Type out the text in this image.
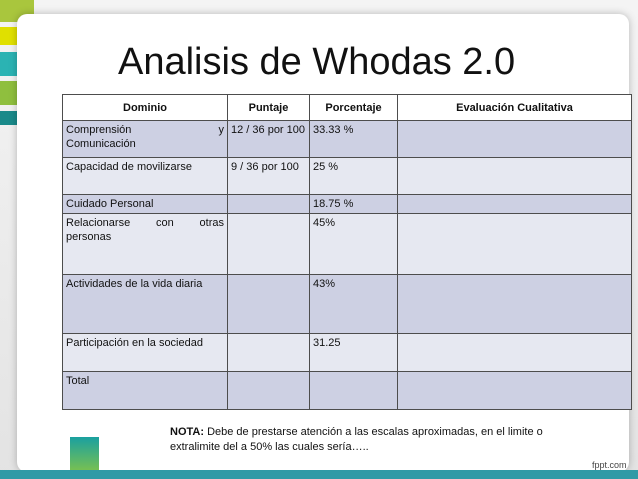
Analisis de Whodas 2.0
Dominio	Puntaje	Porcentaje	Evaluación Cualitativa

Comprensión y
Comunicación	12 / 36 por 100	33.33 %	
Capacidad de movilizarse	9 / 36 por 100	25 %	
Cuidado Personal		18.75 %	

Relacionarse con otras
personas		45%	
Actividades de la vida diaria		43%	
Participación en la sociedad		31.25	
Total			
NOTA: Debe de prestarse atención a las escalas aproximadas, en el limite o extralimite del a 50% las cuales sería…..
fppt.com
